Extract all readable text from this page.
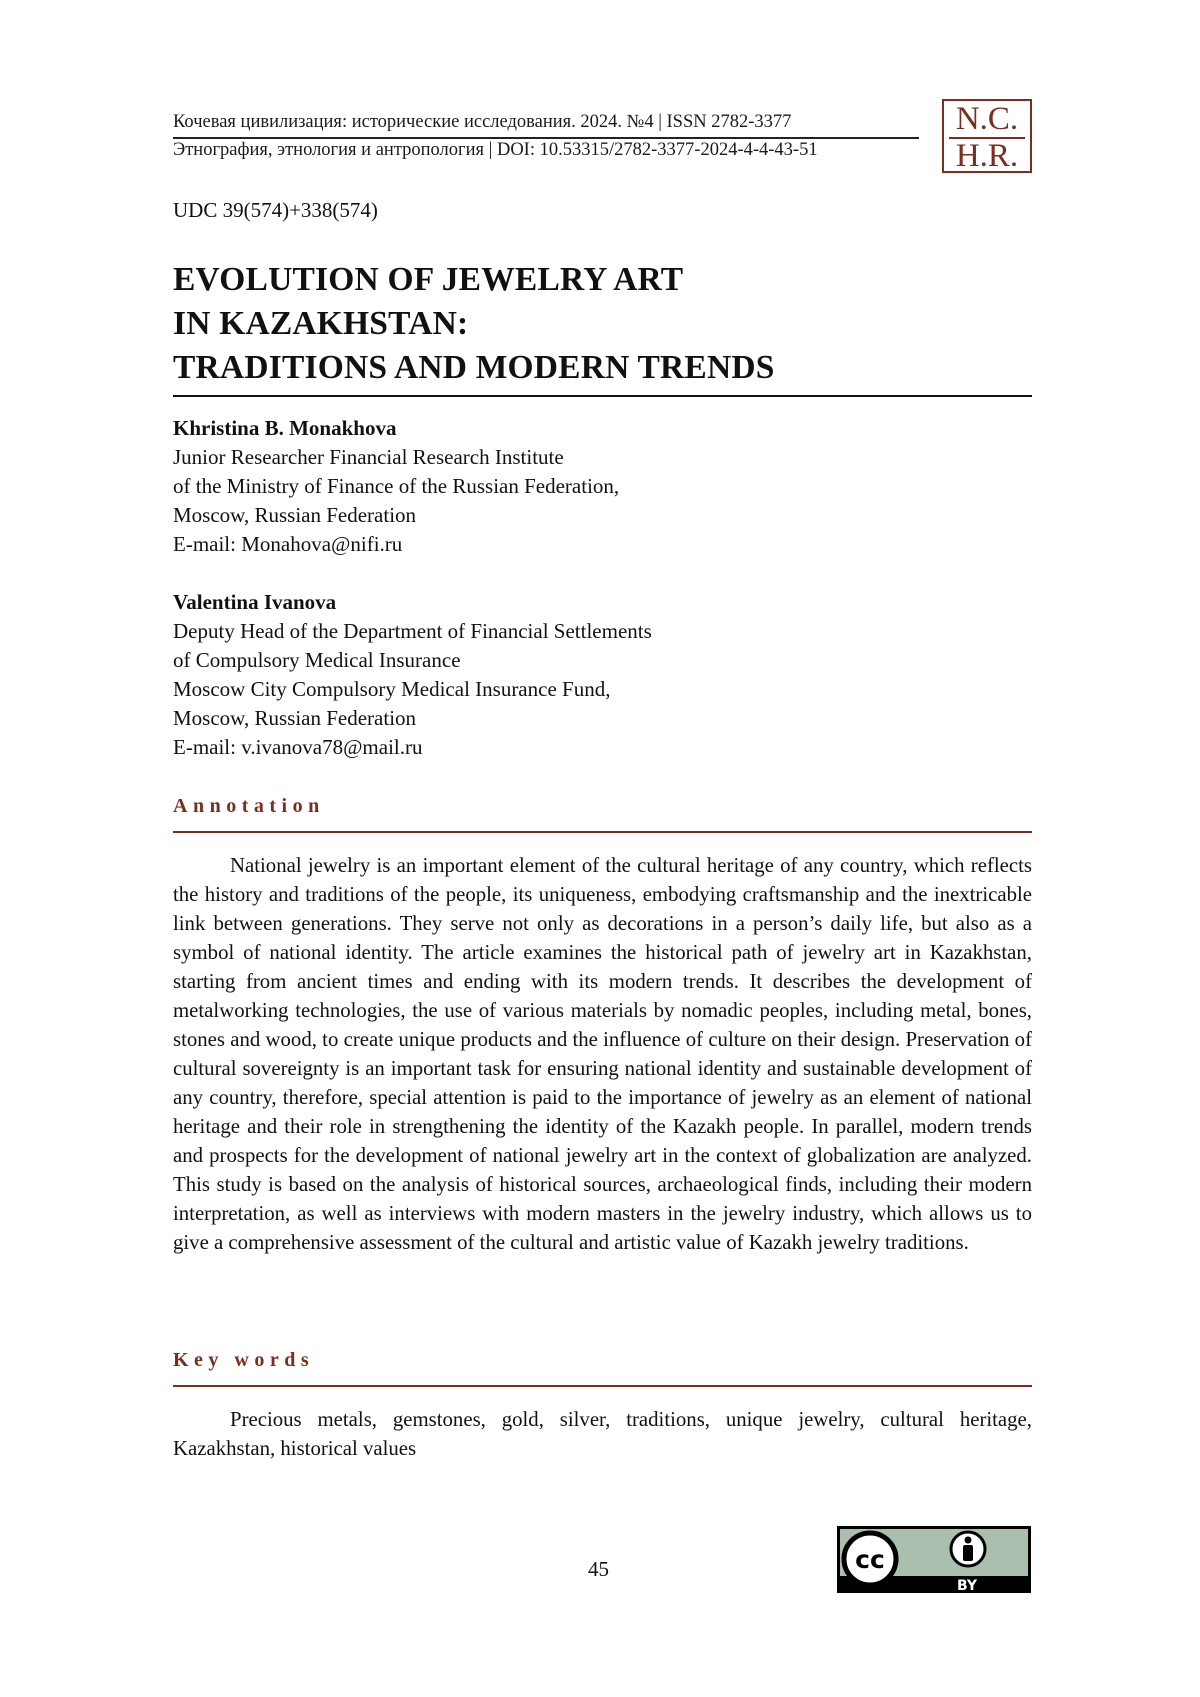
Кочевая цивилизация: исторические исследования. 2024. №4 | ISSN 2782-3377
Этнография, этнология и антропология | DOI: 10.53315/2782-3377-2024-4-4-43-51
N.C.
H.R.
UDC 39(574)+338(574)
EVOLUTION OF JEWELRY ART
IN KAZAKHSTAN:
TRADITIONS AND MODERN TRENDS
Khristina B. Monakhova
Junior Researcher Financial Research Institute
of the Ministry of Finance of the Russian Federation,
Moscow, Russian Federation
E-mail: Monahova@nifi.ru
Valentina Ivanova
Deputy Head of the Department of Financial Settlements
of Compulsory Medical Insurance
Moscow City Compulsory Medical Insurance Fund,
Moscow, Russian Federation
E-mail: v.ivanova78@mail.ru
Annotation

National jewelry is an important element of the cultural heritage of any country, which reflects the history and traditions of the people, its uniqueness, embodying craftsmanship and the inextricable link between generations. They serve not only as decorations in a person’s daily life, but also as a symbol of national identity. The article examines the historical path of jewelry art in Kazakhstan, starting from ancient times and ending with its modern trends. It describes the development of metalworking technologies, the use of various materials by nomadic peoples, including metal, bones, stones and wood, to create unique products and the influence of culture on their design. Preservation of cultural sovereignty is an important task for ensuring national identity and sustainable development of any country, therefore, special attention is paid to the importance of jewelry as an element of national heritage and their role in strengthening the identity of the Kazakh people. In parallel, modern trends and prospects for the development of national jewelry art in the context of globalization are analyzed. This study is based on the analysis of historical sources, archaeological finds, including their modern interpretation, as well as interviews with modern masters in the jewelry industry, which allows us to give a comprehensive assessment of the cultural and artistic value of Kazakh jewelry traditions.

Key words

Precious metals, gemstones, gold, silver, traditions, unique jewelry, cultural heritage, Kazakhstan, historical values

45	cc
BY
